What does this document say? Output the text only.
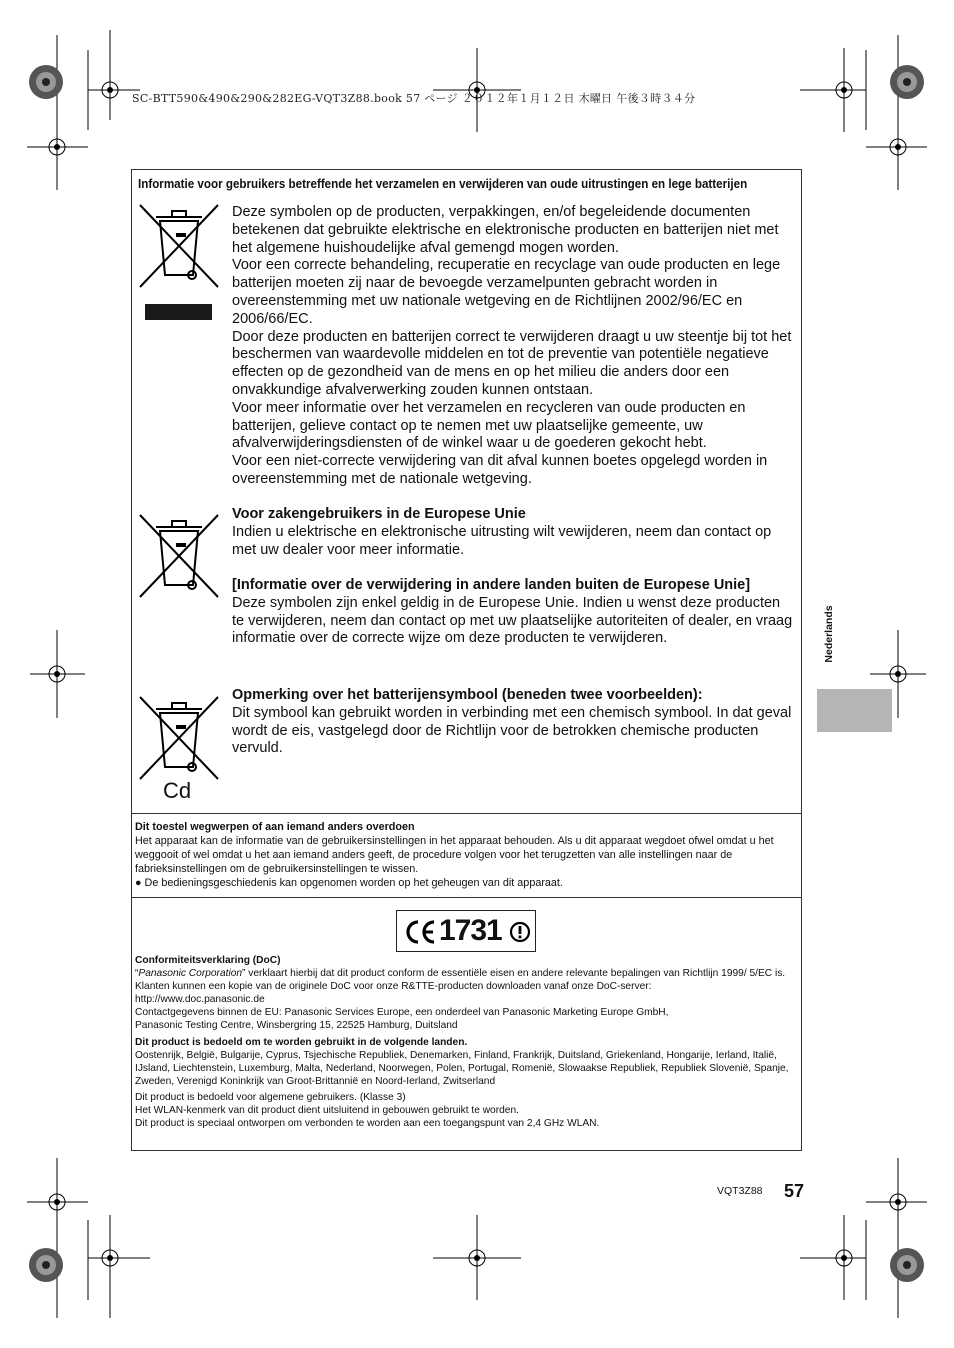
SC-BTT590&490&290&282EG-VQT3Z88.book 57 ページ ２０１２年１月１２日 木曜日 午後３時３４分
Informatie voor gebruikers betreffende het verzamelen en verwijderen van oude uitrustingen en lege batterijen

Deze symbolen op de producten, verpakkingen, en/of begeleidende documenten betekenen dat gebruikte elektrische en elektronische producten en batterijen niet met het algemene huishoudelijke afval gemengd mogen worden.

Voor een correcte behandeling, recuperatie en recyclage van oude producten en lege batterijen moeten zij naar de bevoegde verzamelpunten gebracht worden in overeenstemming met uw nationale wetgeving en de Richtlijnen 2002/96/EC en 2006/66/EC.

Door deze producten en batterijen correct te verwijderen draagt u uw steentje bij tot het beschermen van waardevolle middelen en tot de preventie van potentiële negatieve effecten op de gezondheid van de mens en op het milieu die anders door een onvakkundige afvalverwerking zouden kunnen ontstaan.

Voor meer informatie over het verzamelen en recycleren van oude producten en batterijen, gelieve contact op te nemen met uw plaatselijke gemeente, uw afvalverwijderingsdiensten of de winkel waar u de goederen gekocht hebt.

Voor een niet-correcte verwijdering van dit afval kunnen boetes opgelegd worden in overeenstemming met de nationale wetgeving.

Voor zakengebruikers in de Europese Unie

Indien u elektrische en elektronische uitrusting wilt vewijderen, neem dan contact op met uw dealer voor meer informatie.

[Informatie over de verwijdering in andere landen buiten de Europese Unie]

Deze symbolen zijn enkel geldig in de Europese Unie. Indien u wenst deze producten te verwijderen, neem dan contact op met uw plaatselijke autoriteiten of dealer, en vraag informatie over de correcte wijze om deze producten te verwijderen.

Cd

Opmerking over het batterijensymbool (beneden twee voorbeelden):

Dit symbool kan gebruikt worden in verbinding met een chemisch symbool. In dat geval wordt de eis, vastgelegd door de Richtlijn voor de betrokken chemische producten vervuld.

Dit toestel wegwerpen of aan iemand anders overdoen

Het apparaat kan de informatie van de gebruikersinstellingen in het apparaat behouden. Als u dit apparaat wegdoet ofwel omdat u het weggooit of wel omdat u het aan iemand anders geeft, de procedure volgen voor het terugzetten van alle instellingen naar de fabrieksinstellingen om de gebruikersinstellingen te wissen.

● De bedieningsgeschiedenis kan opgenomen worden op het geheugen van dit apparaat.

1731

Conformiteitsverklaring (DoC)

“Panasonic Corporation” verklaart hierbij dat dit product conform de essentiële eisen en andere relevante bepalingen van Richtlijn 1999/ 5/EC is.

Klanten kunnen een kopie van de originele DoC voor onze R&TTE-producten downloaden vanaf onze DoC-server:

http://www.doc.panasonic.de

Contactgegevens binnen de EU: Panasonic Services Europe, een onderdeel van Panasonic Marketing Europe GmbH,

Panasonic Testing Centre, Winsbergring 15, 22525 Hamburg, Duitsland

Dit product is bedoeld om te worden gebruikt in de volgende landen.

Oostenrijk, België, Bulgarije, Cyprus, Tsjechische Republiek, Denemarken, Finland, Frankrijk, Duitsland, Griekenland, Hongarije, Ierland, Italië, IJsland, Liechtenstein, Luxemburg, Malta, Nederland, Noorwegen, Polen, Portugal, Romenië, Slowaakse Republiek, Republiek Slovenië, Spanje, Zweden, Verenigd Koninkrijk van Groot-Brittannië en Noord-Ierland, Zwitserland

Dit product is bedoeld voor algemene gebruikers. (Klasse 3)

Het WLAN-kenmerk van dit product dient uitsluitend in gebouwen gebruikt te worden.

Dit product is speciaal ontworpen om verbonden te worden aan een toegangspunt van 2,4 GHz WLAN.

Nederlands
VQT3Z88 57
